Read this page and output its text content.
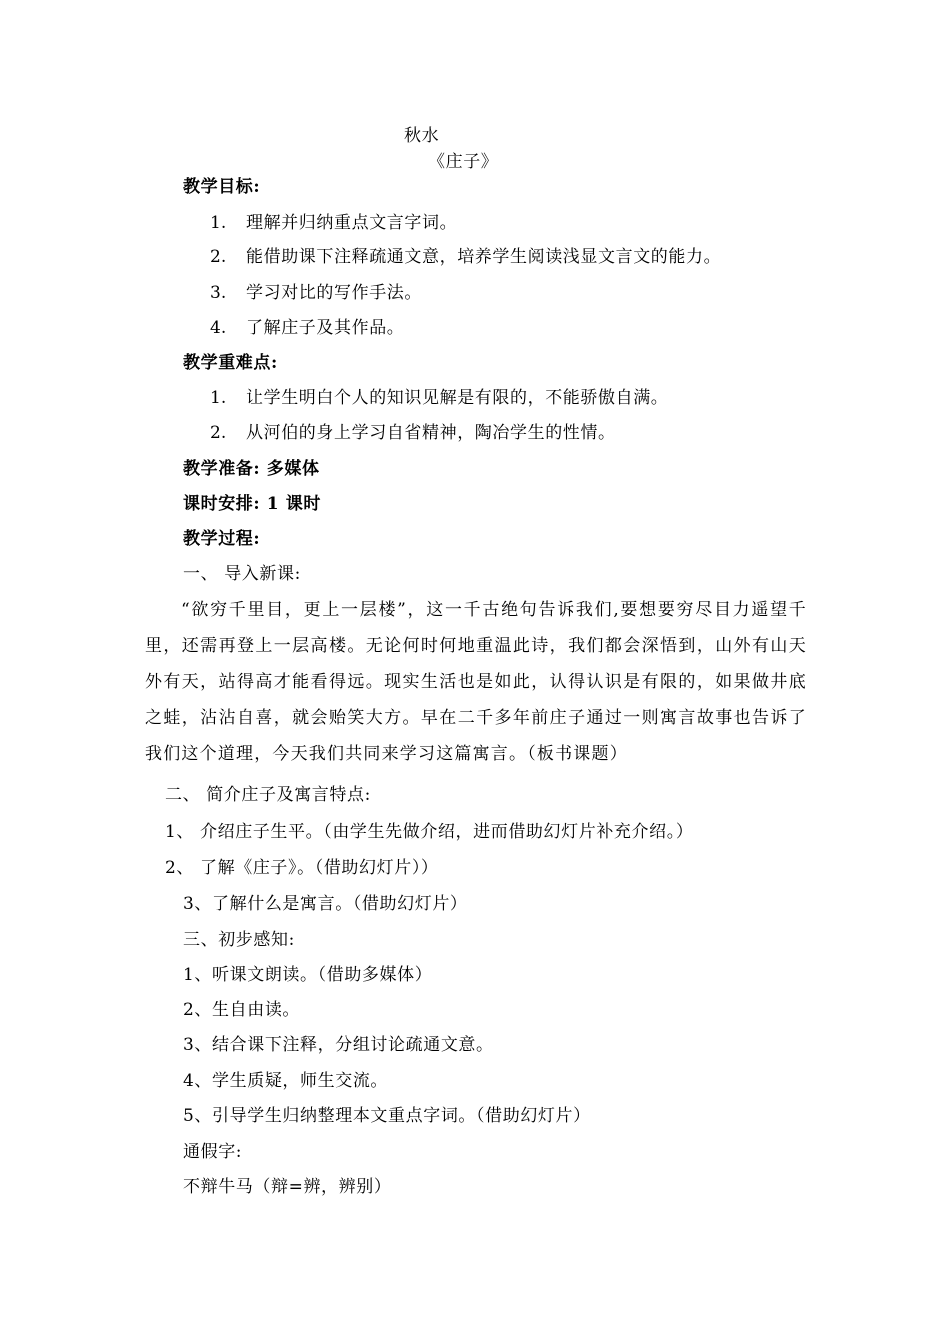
秋水
《庄子》
教学目标:
1. 理解并归纳重点文言字词。
2. 能借助课下注释疏通文意，培养学生阅读浅显文言文的能力。
3. 学习对比的写作手法。
4. 了解庄子及其作品。
教学重难点:
1. 让学生明白个人的知识见解是有限的，不能骄傲自满。
2. 从河伯的身上学习自省精神，陶冶学生的性情。
教学准备: 多媒体
课时安排: 1 课时
教学过程:
一、 导入新课:
“欲穷千里目，更上一层楼”，这一千古绝句告诉我们,要想要穷尽目力遥望千里，还需再登上一层高楼。无论何时何地重温此诗，我们都会深悟到，山外有山天外有天，站得高才能看得远。现实生活也是如此，认得认识是有限的，如果做井底之蛙，沾沾自喜，就会贻笑大方。早在二千多年前庄子通过一则寓言故事也告诉了我们这个道理，今天我们共同来学习这篇寓言。（板书课题）
二、 简介庄子及寓言特点:
1、 介绍庄子生平。（由学生先做介绍，进而借助幻灯片补充介绍。）
2、 了解《庄子》。（借助幻灯片））
3、了解什么是寓言。（借助幻灯片）
三、初步感知:
1、听课文朗读。（借助多媒体）
2、生自由读。
3、结合课下注释，分组讨论疏通文意。
4、学生质疑，师生交流。
5、引导学生归纳整理本文重点字词。（借助幻灯片）
通假字:
不辩牛马（辩=辨，辨别）
